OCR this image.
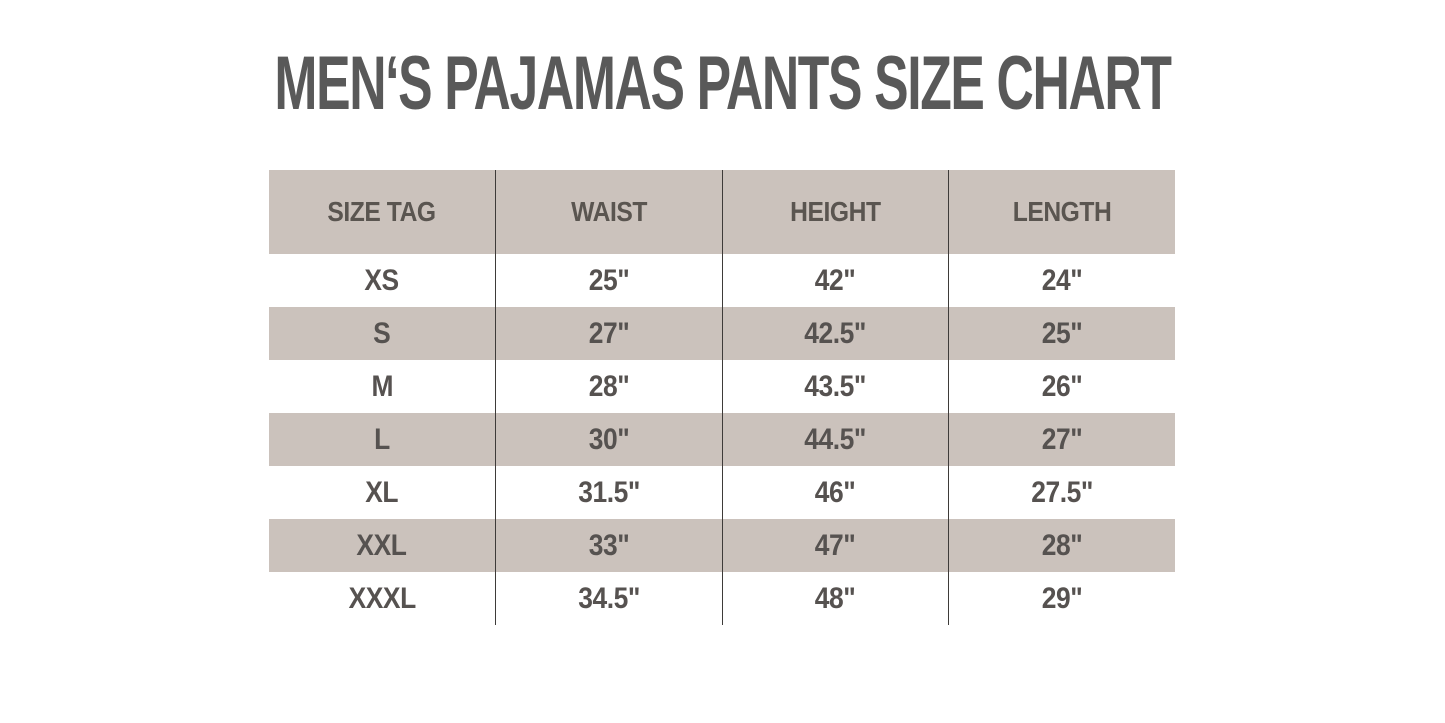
MEN‘S PAJAMAS PANTS SIZE CHART
SIZE TAG	WAIST	HEIGHT	LENGTH
XS	25"	42"	24"
S	27"	42.5"	25"
M	28"	43.5"	26"
L	30"	44.5"	27"
XL	31.5"	46"	27.5"
XXL	33"	47"	28"
XXXL	34.5"	48"	29"
